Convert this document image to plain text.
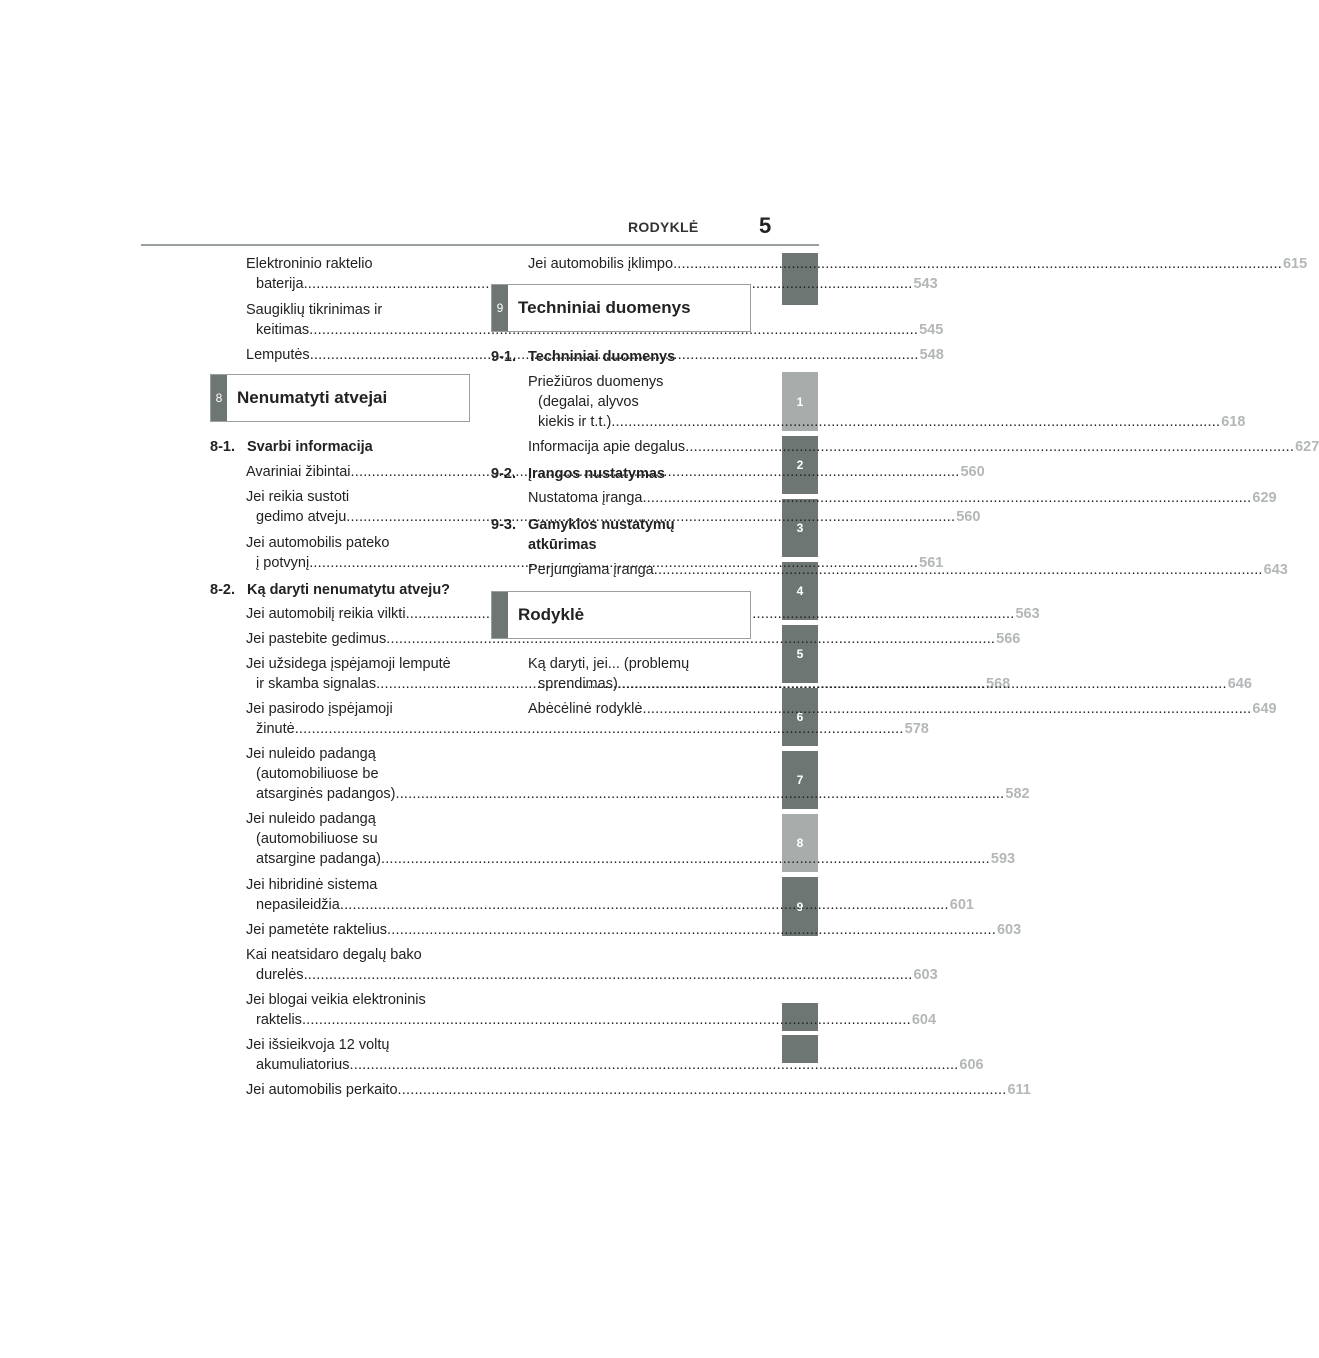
RODYKLĖ	5
1
2
3
4
5
6
7
8
9
Elektroninio raktelio
baterija .....	543
Saugiklių tikrinimas ir
keitimas .....	545
Lemputės .....	548
8 Nenumatyti atvejai
8-1. Svarbi informacija
Avariniai žibintai .....	560
Jei reikia sustoti
gedimo atveju .....	560
Jei automobilis pateko
į potvynį .....	561
8-2. Ką daryti nenumatytu atveju?
Jei automobilį reikia vilkti .....	563
Jei pastebite gedimus .....	566
Jei užsidega įspėjamoji lemputė
ir skamba signalas .....	568
Jei pasirodo įspėjamoji
žinutė .....	578
Jei nuleido padangą
(automobiliuose be
atsarginės padangos) .....	582
Jei nuleido padangą
(automobiliuose su
atsargine padanga) .....	593
Jei hibridinė sistema
nepasileidžia .....	601
Jei pametėte raktelius .....	603
Kai neatsidaro degalų bako
durelės .....	603
Jei blogai veikia elektroninis
raktelis .....	604
Jei išsieikvoja 12 voltų
akumuliatorius .....	606
Jei automobilis perkaito .....	611
Jei automobilis įklimpo .....	615
9 Techniniai duomenys
9-1. Techniniai duomenys
Priežiūros duomenys
(degalai, alyvos
kiekis ir t.t.) .....	618
Informacija apie degalus .....	627
9-2. Įrangos nustatymas
Nustatoma įranga .....	629
9-3. Gamyklos nustatymų
atkūrimas
Perjungiama įranga .....	643
Rodyklė
Ką daryti, jei... (problemų
sprendimas) .....	646
Abėcėlinė rodyklė .....	649
